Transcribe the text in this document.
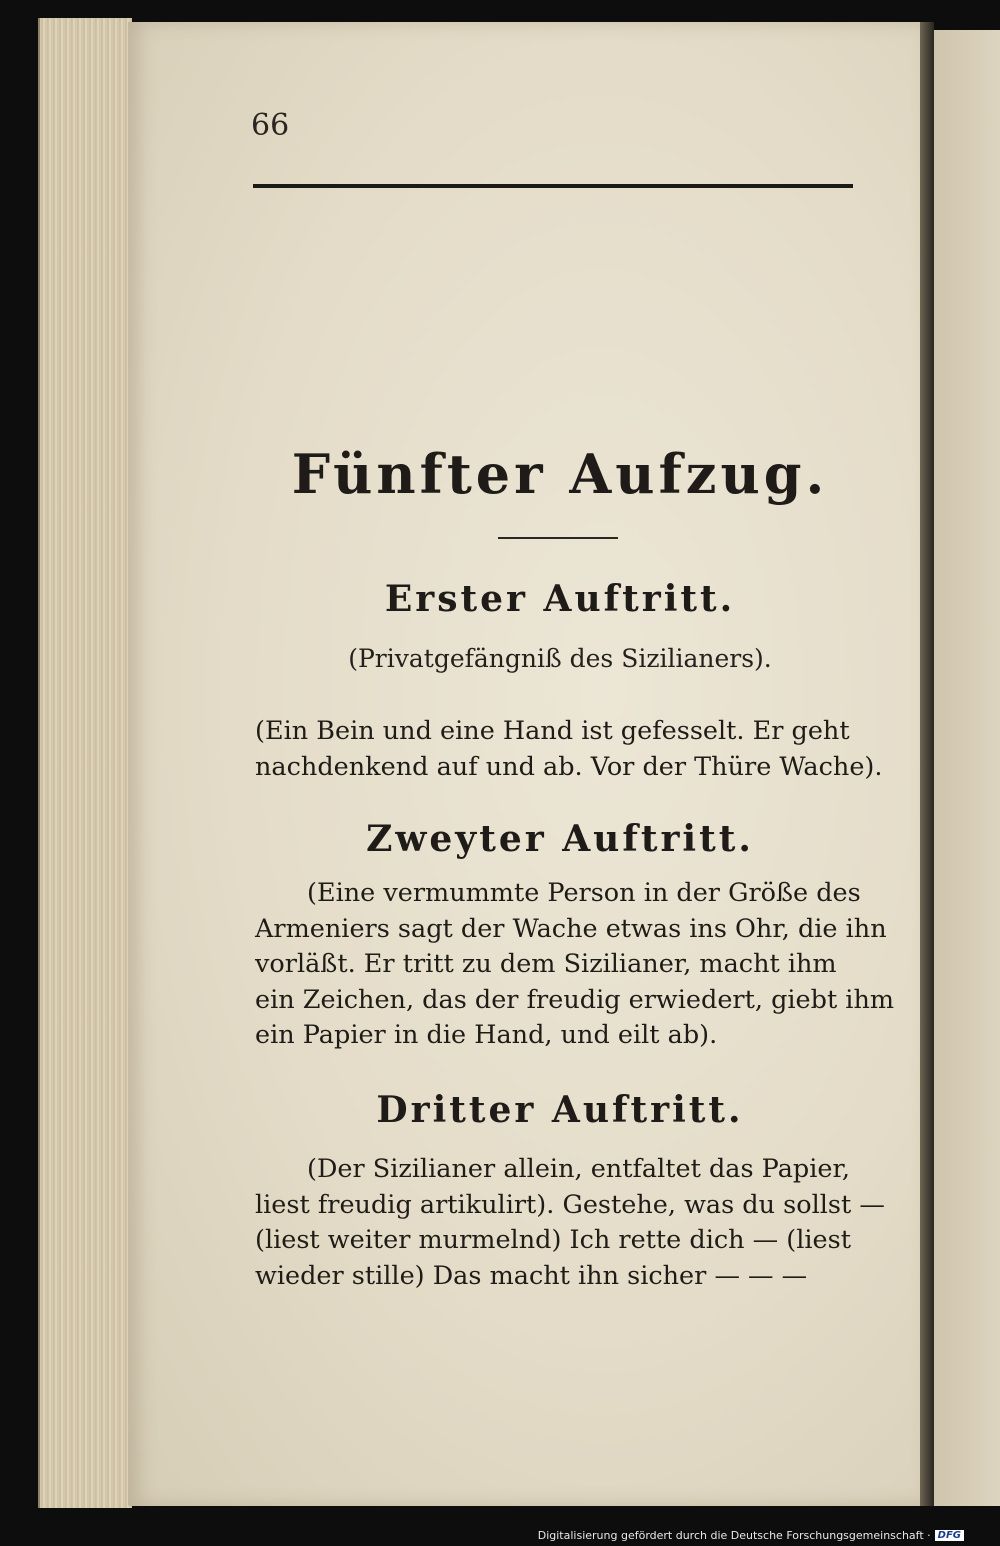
66
Fünfter Aufzug.
Erster Auftritt.
(Privatgefängniß des Sizilianers).
(Ein Bein und eine Hand ist gefesselt. Er geht
nachdenkend auf und ab. Vor der Thüre Wache).
Zweyter Auftritt.
(Eine vermummte Person in der Größe des
Armeniers sagt der Wache etwas ins Ohr, die ihn
vorläßt. Er tritt zu dem Sizilianer, macht ihm
ein Zeichen, das der freudig erwiedert, giebt ihm
ein Papier in die Hand, und eilt ab).
Dritter Auftritt.
(Der Sizilianer allein, entfaltet das Papier,
liest freudig artikulirt). Gestehe, was du sollst —
(liest weiter murmelnd) Ich rette dich — (liest
wieder stille) Das macht ihn sicher — — —
Digitalisierung gefördert durch die Deutsche Forschungsgemeinschaft · DFG
